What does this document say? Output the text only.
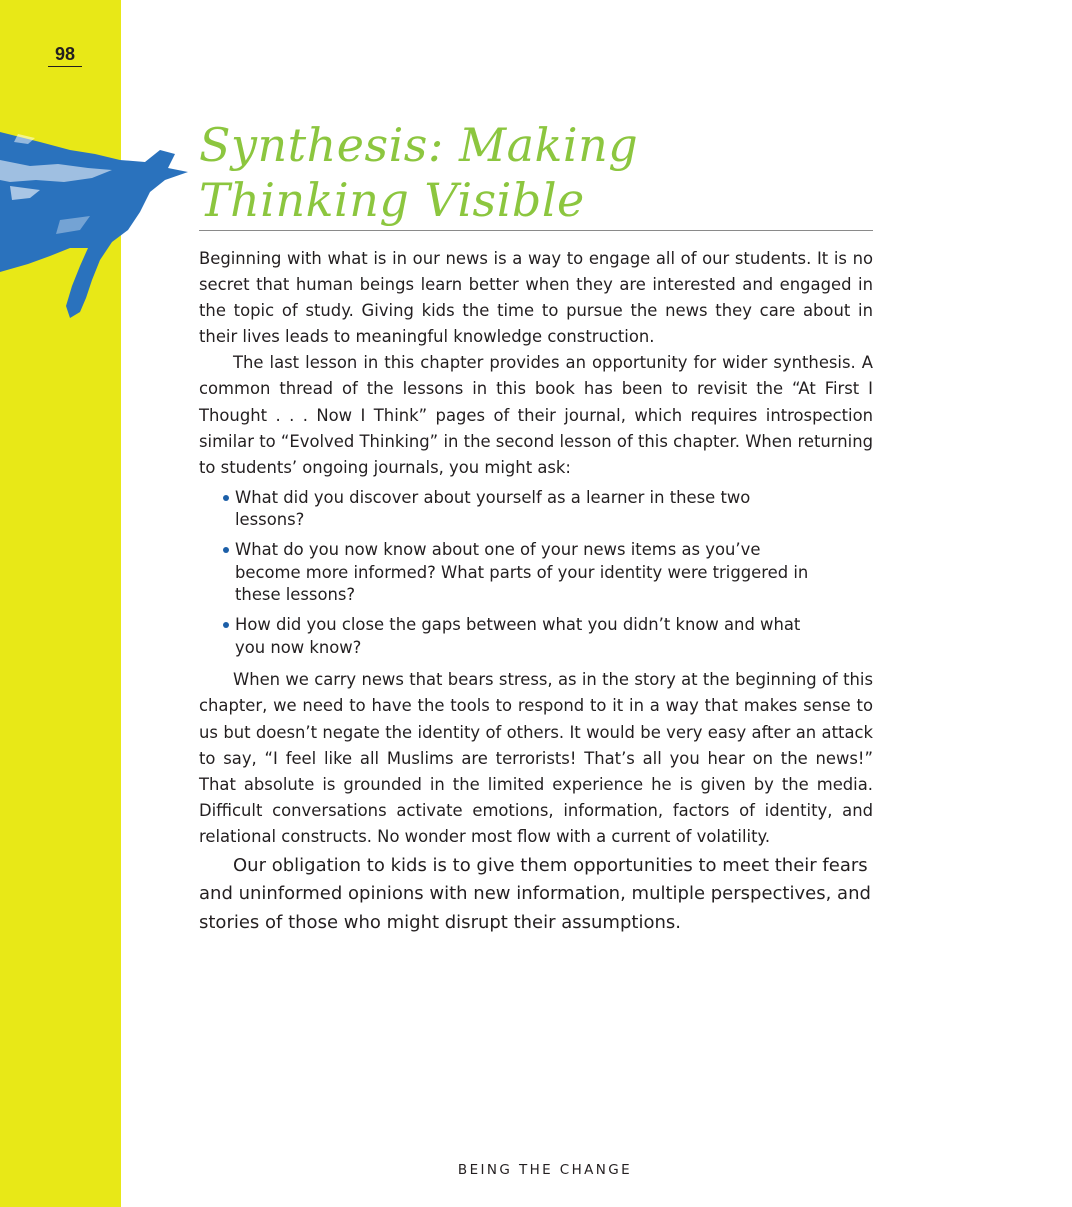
98
Synthesis: Making
Thinking Visible

Beginning with what is in our news is a way to engage all of our students. It is no secret that human beings learn better when they are interested and engaged in the topic of study. Giving kids the time to pursue the news they care about in their lives leads to meaningful knowledge construction.

The last lesson in this chapter provides an opportunity for wider synthesis. A common thread of the lessons in this book has been to revisit the “At First I Thought . . . Now I Think” pages of their journal, which requires introspection similar to “Evolved Thinking” in the second lesson of this chapter. When returning to students’ ongoing journals, you might ask:

What did you discover about yourself as a learner in these two lessons?
What do you now know about one of your news items as you’ve become more informed? What parts of your identity were triggered in these lessons?
How did you close the gaps between what you didn’t know and what you now know?

When we carry news that bears stress, as in the story at the beginning of this chapter, we need to have the tools to respond to it in a way that makes sense to us but doesn’t negate the identity of others. It would be very easy after an attack to say, “I feel like all Muslims are terrorists! That’s all you hear on the news!” That absolute is grounded in the limited experience he is given by the media. Difficult conversations activate emotions, information, factors of identity, and relational constructs. No wonder most flow with a current of volatility.

Our obligation to kids is to give them opportunities to meet their fears and uninformed opinions with new information, multiple perspectives, and stories of those who might disrupt their assumptions.

BEING THE CHANGE
